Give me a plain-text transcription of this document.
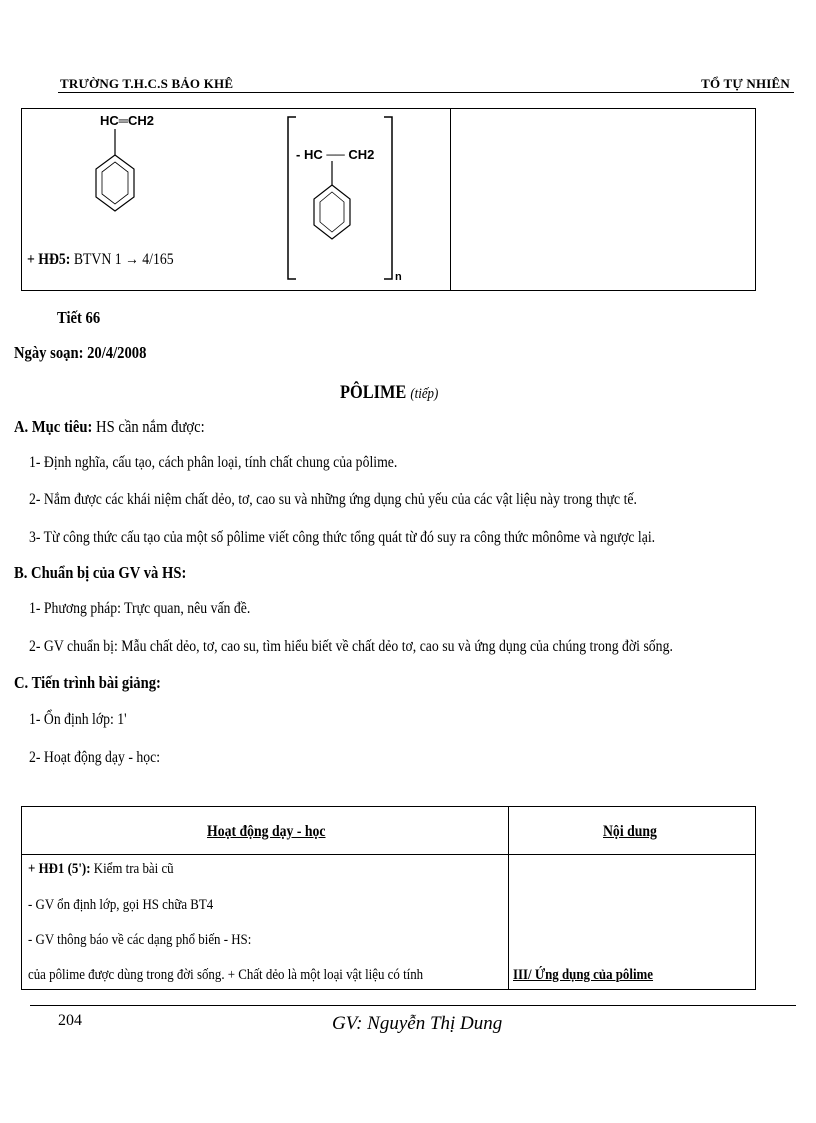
TRƯỜNG T.H.C.S BẢO KHÊ	TỔ TỰ NHIÊN
HC═CH2
- HC ── CH2
n
+ HĐ5: BTVN 1 → 4/165

Tiết 66
Ngày soạn: 20/4/2008
PÔLIME (tiếp)
A. Mục tiêu: HS cần nắm được:
1- Định nghĩa, cấu tạo, cách phân loại, tính chất chung của pôlime.
2- Nắm được các khái niệm chất dẻo, tơ, cao su và những ứng dụng chủ yếu của các vật liệu này trong thực tế.
3- Từ công thức cấu tạo của một số pôlime viết công thức tổng quát từ đó suy ra công thức mônôme và ngược lại.
B. Chuẩn bị của GV và HS:
1- Phương pháp: Trực quan, nêu vấn đề.
2- GV chuẩn bị: Mẫu chất dẻo, tơ, cao su, tìm hiểu biết về chất dẻo tơ, cao su và ứng dụng của chúng trong đời sống.
C. Tiến trình bài giảng:
1- Ổn định lớp: 1'
2- Hoạt động dạy - học:
Hoạt động dạy - học	Nội dung

+ HĐ1 (5'): Kiểm tra bài cũ
- GV ổn định lớp, gọi HS chữa BT4
- GV thông báo về các dạng phổ biến - HS:
của pôlime được dùng trong đời sống. + Chất dẻo là một loại vật liệu có tính	III/ Ứng dụng của pôlime
204	GV: Nguyễn Thị Dung
